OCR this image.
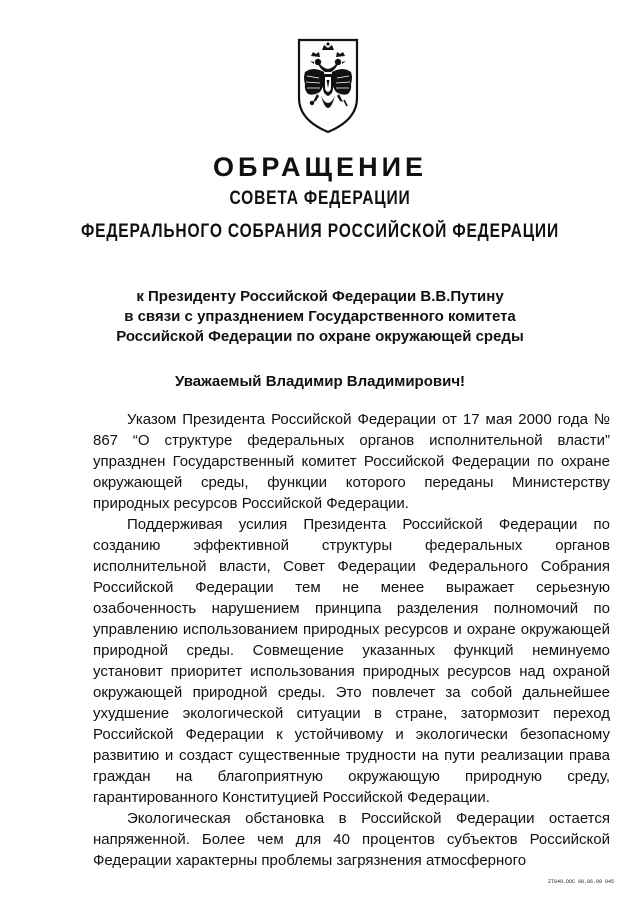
ОБРАЩЕНИЕ
СОВЕТА ФЕДЕРАЦИИ
ФЕДЕРАЛЬНОГО СОБРАНИЯ РОССИЙСКОЙ ФЕДЕРАЦИИ
к Президенту Российской Федерации В.В.Путину
в связи с упразднением Государственного комитета
Российской Федерации по охране окружающей среды
Уважаемый Владимир Владимирович!

Указом Президента Российской Федерации от 17 мая 2000 года № 867 “О структуре федеральных органов исполнительной власти” упразднен Государственный комитет Российской Федерации по охране окружающей среды, функции которого переданы Министерству природных ресурсов Российской Федерации.

Поддерживая усилия Президента Российской Федерации по созданию эффективной структуры федеральных органов исполнительной власти, Совет Федерации Федерального Собрания Российской Федерации тем не менее выражает серьезную озабоченность нарушением принципа разделения полномочий по управлению использованием природных ресурсов и охране окружающей природной среды. Совмещение указанных функций неминуемо установит приоритет использования природных ресурсов над охраной окружающей природной среды. Это повлечет за собой дальнейшее ухудшение экологической ситуации в стране, затормозит переход Российской Федерации к устойчивому и экологически безопасному развитию и создаст существенные трудности на пути реализации права граждан на благоприятную окружающую природную среду, гарантированного Конституцией Российской Федерации.

Экологическая обстановка в Российской Федерации остается напряженной. Более чем для 40 процентов субъектов Российской Федерации характерны проблемы загрязнения атмосферного

ZT849.DOC 08.06.00 845
